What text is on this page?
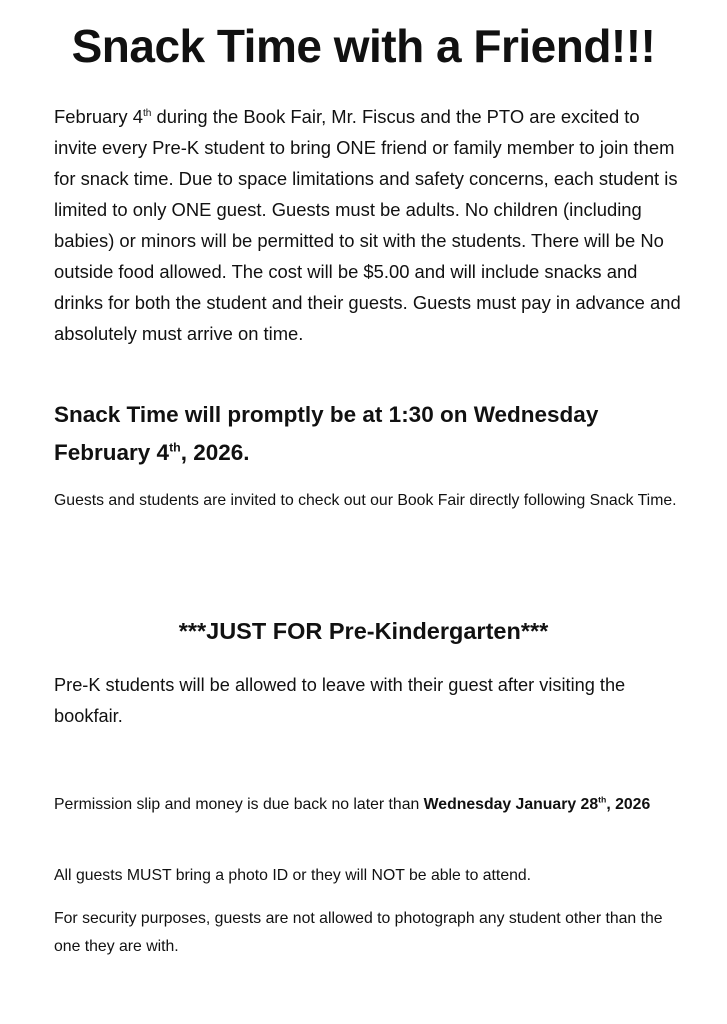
Snack Time with a Friend!!!

February 4th during the Book Fair, Mr. Fiscus and the PTO are excited to invite every Pre-K student to bring ONE friend or family member to join them for snack time. Due to space limitations and safety concerns, each student is limited to only ONE guest. Guests must be adults. No children (including babies) or minors will be permitted to sit with the students. There will be No outside food allowed. The cost will be $5.00 and will include snacks and drinks for both the student and their guests. Guests must pay in advance and absolutely must arrive on time.

Snack Time will promptly be at 1:30 on Wednesday February 4th, 2026.

Guests and students are invited to check out our Book Fair directly following Snack Time.

***JUST FOR Pre-Kindergarten***

Pre-K students will be allowed to leave with their guest after visiting the bookfair.

Permission slip and money is due back no later than Wednesday January 28th, 2026

All guests MUST bring a photo ID or they will NOT be able to attend.

For security purposes, guests are not allowed to photograph any student other than the one they are with.
